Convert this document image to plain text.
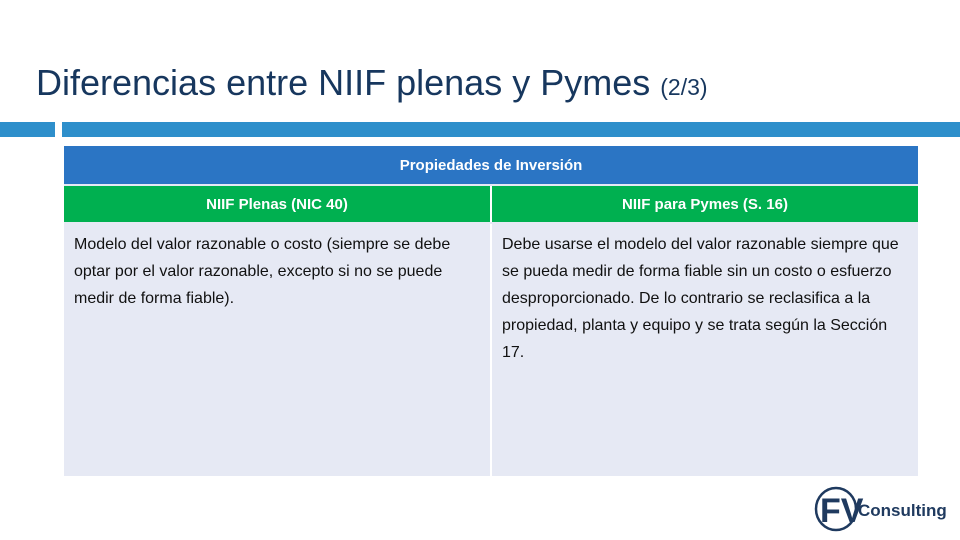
Diferencias entre NIIF plenas y Pymes (2/3)
Propiedades de Inversión
NIIF Plenas (NIC 40)	NIIF para Pymes (S. 16)
Modelo del valor razonable o costo (siempre se debe optar por el valor razonable, excepto si no se puede medir de forma fiable).
Debe usarse el modelo del valor razonable siempre que se pueda medir de forma fiable sin un costo o esfuerzo desproporcionado. De lo contrario se reclasifica a la propiedad, planta y equipo y se trata según la Sección 17.
FV
Consulting
